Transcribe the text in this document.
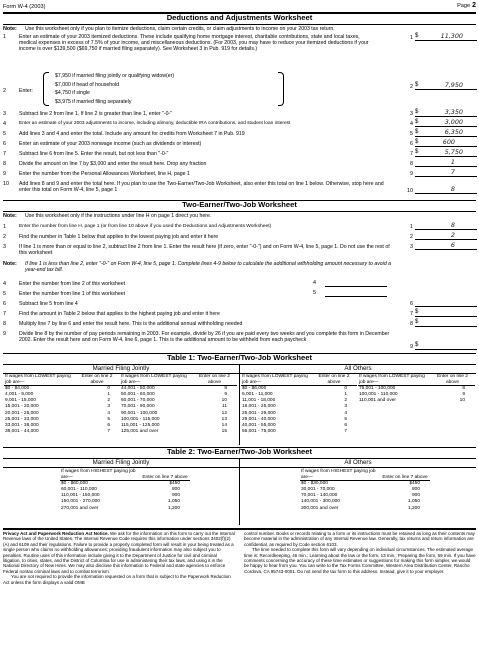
Form W-4 (2003)	Page 2
Deductions and Adjustments Worksheet
Note: Use this worksheet only if you plan to itemize deductions, claim certain credits, or claim adjustments to income on your 2003 tax return.
1	Enter an estimate of your 2003 itemized deductions. These include qualifying home mortgage interest, charitable contributions, state and local taxes, medical expenses in excess of 7.5% of your income, and miscellaneous deductions. (For 2003, you may have to reduce your itemized deductions if your income is over $139,500 ($69,750 if married filing separately). See Worksheet 3 in Pub. 919 for details.)
1 $	11,300
2	Enter:
$7,950 if married filing jointly or qualifying widow(er)
$7,000 if head of household
$4,750 if single
$3,975 if married filing separately
2 $	7,950
3	Subtract line 2 from line 1. If line 2 is greater than line 1, enter "-0-"	3 $	3,350
4	Enter an estimate of your 2003 adjustments to income, including alimony, deductible IRA contributions, and student loan interest	4 $	3,000
5	Add lines 3 and 4 and enter the total. Include any amount for credits from Worksheet 7 in Pub. 919	5 $	6,350
6	Enter an estimate of your 2003 nonwage income (such as dividends or interest)	6 $	600
7	Subtract line 6 from line 5. Enter the result, but not less than "-0-"	7 $	5,750
8	Divide the amount on line 7 by $3,000 and enter the result here. Drop any fraction	8	1
9	Enter the number from the Personal Allowances Worksheet, line H, page 1	9	7
10 Add lines 8 and 9 and enter the total here. If you plan to use the Two-Earner/Two-Job Worksheet, also enter this total on line 1 below. Otherwise, stop here and enter this total on Form W-4, line 5, page 1	10	8
Two-Earner/Two-Job Worksheet
Note: Use this worksheet only if the instructions under line H on page 1 direct you here.
1	Enter the number from line H, page 1 (or from line 10 above if you used the Deductions and Adjustments Worksheet)	1	8
2	Find the number in Table 1 below that applies to the lowest paying job and enter it here	2	2
3	If line 1 is more than or equal to line 2, subtract line 2 from line 1. Enter the result here (if zero, enter "-0-") and on Form W-4, line 5, page 1. Do not use the rest of this worksheet
3	6
Note: If line 1 is less than line 2, enter "-0-" on Form W-4, line 5, page 1. Complete lines 4-9 below to calculate the additional withholding amount necessary to avoid a year-end tax bill.
4	Enter the number from line 2 of this worksheet	4
5	Enter the number from line 1 of this worksheet	5
6	Subtract line 5 from line 4	6
7	Find the amount in Table 2 below that applies to the highest paying job and enter it here	7 $
8	Multiply line 7 by line 6 and enter the result here. This is the additional annual withholding needed	8 $
9	Divide line 8 by the number of pay periods remaining in 2003. For example, divide by 26 if you are paid every two weeks and you complete this form in December 2002. Enter the result here and on Form W-4, line 6, page 1. This is the additional amount to be withheld from each paycheck
9 $
Table 1: Two-Earner/Two-Job Worksheet
Married Filing Jointly	All Others
If wages from LOWEST paying job are—	Enter on line 2 above
$0 - $4,000	0
4,001 - 9,000	1
9,001 - 15,000	2
15,001 - 20,000	3
20,001 - 25,000	4
25,001 - 33,000	5
33,001 - 38,000	6
38,001 - 44,000	7
If wages from LOWEST paying job are—	Enter on line 2 above
44,001 - 50,000	8
50,001 - 60,000	9
60,001 - 70,000	10
70,001 - 90,000	11
90,001 - 100,000	12
100,001 - 115,000	13
115,001 - 125,000	14
125,001 and over	15
If wages from LOWEST paying job are—	Enter on line 2 above
$0 - $6,000	0
6,001 - 11,000	1
11,001 - 18,000	2
18,001 - 25,000	3
25,001 - 29,000	4
29,001 - 40,000	5
40,001 - 55,000	6
55,001 - 75,000	7
If wages from LOWEST paying job are—	Enter on line 2 above
75,001 - 100,000	8
100,001 - 110,000	9
110,001 and over	10
Table 2: Two-Earner/Two-Job Worksheet
Married Filing Jointly	All Others
If wages from HIGHEST paying job are—	Enter on line 7 above
$0 - $60,000	$450
60,001 - 110,000	800
110,001 - 150,000	900
150,001 - 270,000	1,050
270,001 and over	1,200
If wages from HIGHEST paying job are—	Enter on line 7 above
$0 - $30,000	$450
30,001 - 70,000	800
70,001 - 140,000	900
140,001 - 300,000	1,050
300,001 and over	1,200

Privacy Act and Paperwork Reduction Act Notice. We ask for the information on this form to carry out the Internal Revenue laws of the United States. The Internal Revenue Code requires this information under sections 3402(f)(2)(A) and 6109 and their regulations. Failure to provide a properly completed form will result in your being treated as a single person who claims no withholding allowances; providing fraudulent information may also subject you to penalties. Routine uses of this information include giving it to the Department of Justice for civil and criminal litigation, to cities, states, and the District of Columbia for use in administering their tax laws, and using it in the National Directory of New Hires. We may also disclose this information to Federal and state agencies to enforce Federal nontax criminal laws and to combat terrorism.

You are not required to provide the information requested on a form that is subject to the Paperwork Reduction Act unless the form displays a valid OMB

control number. Books or records relating to a form or its instructions must be retained as long as their contents may become material in the administration of any Internal Revenue law. Generally, tax returns and return information are confidential, as required by Code section 6103.

The time needed to complete this form will vary depending on individual circumstances. The estimated average time is: Recordkeeping, 46 min.; Learning about the law or the form, 13 min.; Preparing the form, 59 min. If you have comments concerning the accuracy of these time estimates or suggestions for making this form simpler, we would be happy to hear from you. You can write to the Tax Forms Committee, Western Area Distribution Center, Rancho Cordova, CA 95743-0001. Do not send the tax form to this address. Instead, give it to your employer.
